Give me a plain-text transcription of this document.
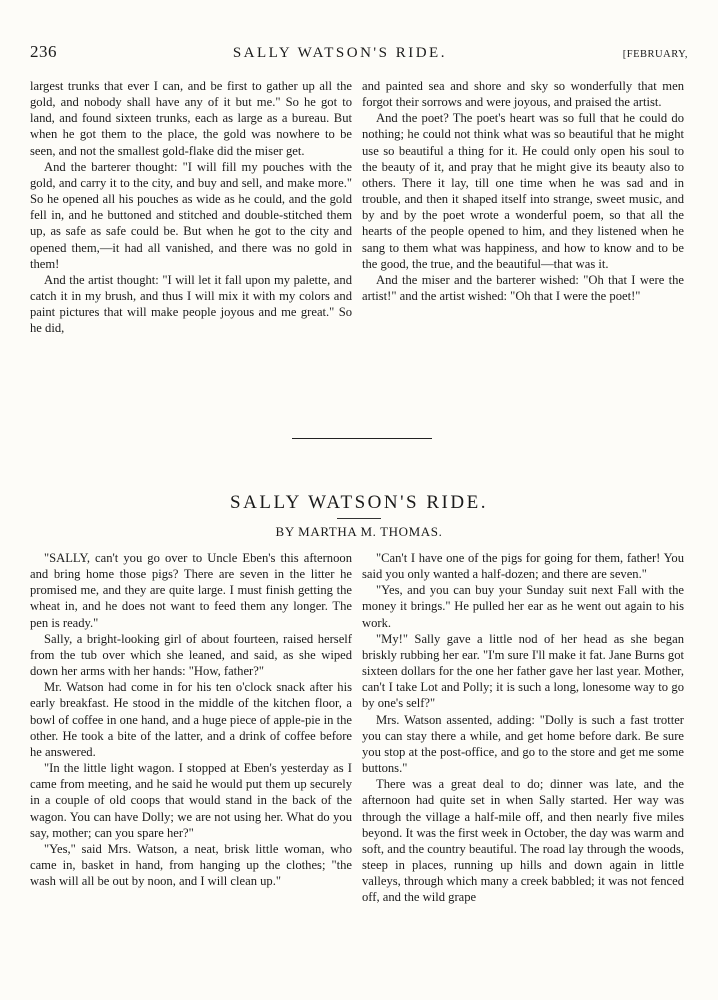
236	SALLY WATSON'S RIDE.	[FEBRUARY,

largest trunks that ever I can, and be first to gather up all the gold, and nobody shall have any of it but me." So he got to land, and found sixteen trunks, each as large as a bureau. But when he got them to the place, the gold was nowhere to be seen, and not the smallest gold-flake did the miser get.

And the barterer thought: "I will fill my pouches with the gold, and carry it to the city, and buy and sell, and make more." So he opened all his pouches as wide as he could, and the gold fell in, and he buttoned and stitched and double-stitched them up, as safe as safe could be. But when he got to the city and opened them,—it had all vanished, and there was no gold in them!

And the artist thought: "I will let it fall upon my palette, and catch it in my brush, and thus I will mix it with my colors and paint pictures that will make people joyous and me great." So he did,

and painted sea and shore and sky so wonderfully that men forgot their sorrows and were joyous, and praised the artist.

And the poet? The poet's heart was so full that he could do nothing; he could not think what was so beautiful that he might use so beautiful a thing for it. He could only open his soul to the beauty of it, and pray that he might give its beauty also to others. There it lay, till one time when he was sad and in trouble, and then it shaped itself into strange, sweet music, and by and by the poet wrote a wonderful poem, so that all the hearts of the people opened to him, and they listened when he sang to them what was happiness, and how to know and to be the good, the true, and the beautiful—that was it.

And the miser and the barterer wished: "Oh that I were the artist!" and the artist wished: "Oh that I were the poet!"

SALLY WATSON'S RIDE.
BY MARTHA M. THOMAS.

"SALLY, can't you go over to Uncle Eben's this afternoon and bring home those pigs? There are seven in the litter he promised me, and they are quite large. I must finish getting the wheat in, and he does not want to feed them any longer. The pen is ready."

Sally, a bright-looking girl of about fourteen, raised herself from the tub over which she leaned, and said, as she wiped down her arms with her hands: "How, father?"

Mr. Watson had come in for his ten o'clock snack after his early breakfast. He stood in the middle of the kitchen floor, a bowl of coffee in one hand, and a huge piece of apple-pie in the other. He took a bite of the latter, and a drink of coffee before he answered.

"In the little light wagon. I stopped at Eben's yesterday as I came from meeting, and he said he would put them up securely in a couple of old coops that would stand in the back of the wagon. You can have Dolly; we are not using her. What do you say, mother; can you spare her?"

"Yes," said Mrs. Watson, a neat, brisk little woman, who came in, basket in hand, from hanging up the clothes; "the wash will all be out by noon, and I will clean up."

"Can't I have one of the pigs for going for them, father! You said you only wanted a half-dozen; and there are seven."

"Yes, and you can buy your Sunday suit next Fall with the money it brings." He pulled her ear as he went out again to his work.

"My!" Sally gave a little nod of her head as she began briskly rubbing her ear. "I'm sure I'll make it fat. Jane Burns got sixteen dollars for the one her father gave her last year. Mother, can't I take Lot and Polly; it is such a long, lonesome way to go by one's self?"

Mrs. Watson assented, adding: "Dolly is such a fast trotter you can stay there a while, and get home before dark. Be sure you stop at the post-office, and go to the store and get me some buttons."

There was a great deal to do; dinner was late, and the afternoon had quite set in when Sally started. Her way was through the village a half-mile off, and then nearly five miles beyond. It was the first week in October, the day was warm and soft, and the country beautiful. The road lay through the woods, steep in places, running up hills and down again in little valleys, through which many a creek babbled; it was not fenced off, and the wild grape
